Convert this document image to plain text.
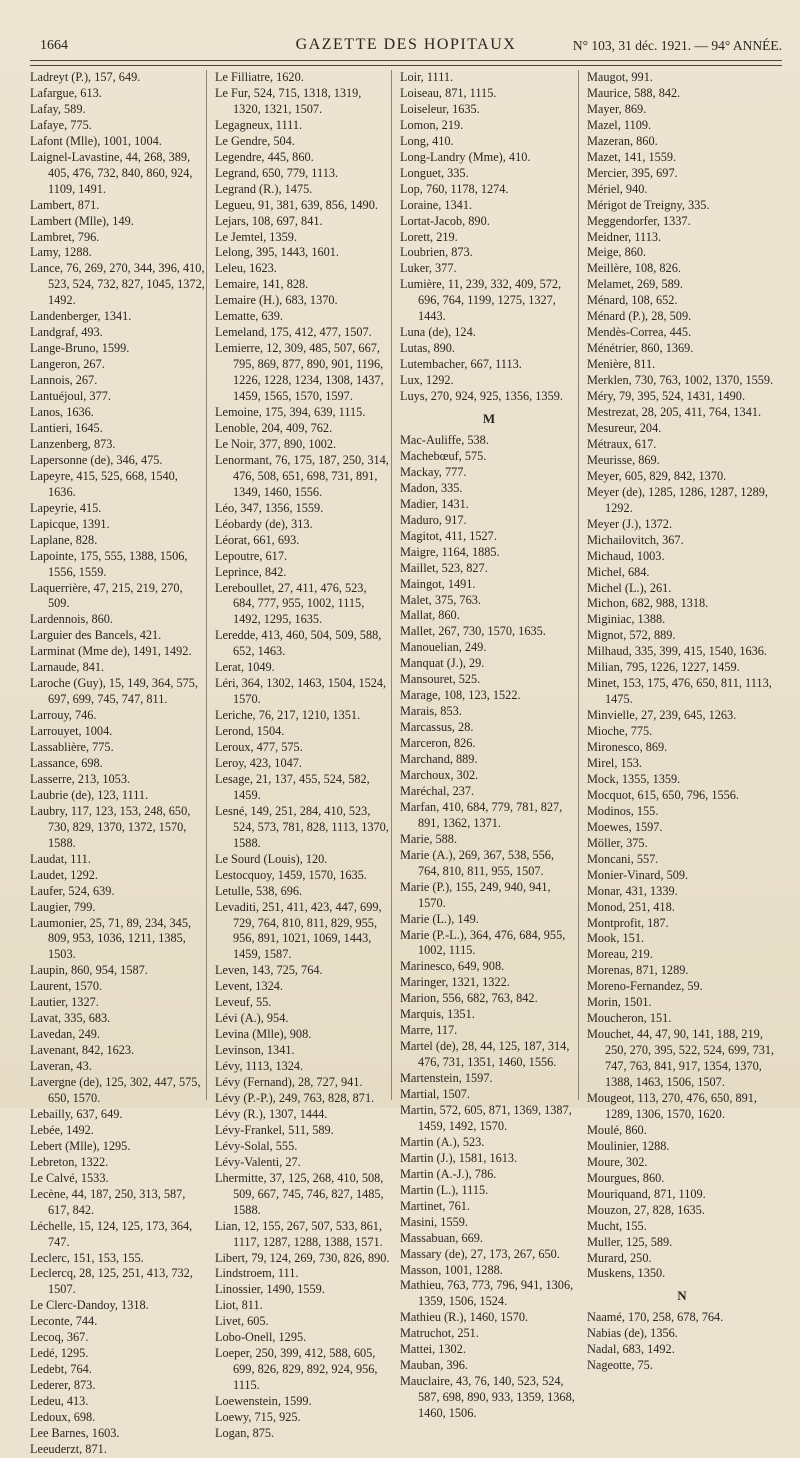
1664	GAZETTE DES HOPITAUX	N° 103, 31 déc. 1921. — 94° ANNÉE.

Ladreyt (P.), 157, 649.

Lafargue, 613.

Lafay, 589.

Lafaye, 775.

Lafont (Mlle), 1001, 1004.

Laignel-Lavastine, 44, 268, 389, 405, 476, 732, 840, 860, 924, 1109, 1491.

Lambert, 871.

Lambert (Mlle), 149.

Lambret, 796.

Lamy, 1288.

Lance, 76, 269, 270, 344, 396, 410, 523, 524, 732, 827, 1045, 1372, 1492.

Landenberger, 1341.

Landgraf, 493.

Lange-Bruno, 1599.

Langeron, 267.

Lannois, 267.

Lantuéjoul, 377.

Lanos, 1636.

Lantieri, 1645.

Lanzenberg, 873.

Lapersonne (de), 346, 475.

Lapeyre, 415, 525, 668, 1540, 1636.

Lapeyrie, 415.

Lapicque, 1391.

Laplane, 828.

Lapointe, 175, 555, 1388, 1506, 1556, 1559.

Laquerrière, 47, 215, 219, 270, 509.

Lardennois, 860.

Larguier des Bancels, 421.

Larminat (Mme de), 1491, 1492.

Larnaude, 841.

Laroche (Guy), 15, 149, 364, 575, 697, 699, 745, 747, 811.

Larrouy, 746.

Larrouyet, 1004.

Lassablière, 775.

Lassance, 698.

Lasserre, 213, 1053.

Laubrie (de), 123, 1111.

Laubry, 117, 123, 153, 248, 650, 730, 829, 1370, 1372, 1570, 1588.

Laudat, 111.

Laudet, 1292.

Laufer, 524, 639.

Laugier, 799.

Laumonier, 25, 71, 89, 234, 345, 809, 953, 1036, 1211, 1385, 1503.

Laupin, 860, 954, 1587.

Laurent, 1570.

Lautier, 1327.

Lavat, 335, 683.

Lavedan, 249.

Lavenant, 842, 1623.

Laveran, 43.

Lavergne (de), 125, 302, 447, 575, 650, 1570.

Lebailly, 637, 649.

Lebée, 1492.

Lebert (Mlle), 1295.

Lebreton, 1322.

Le Calvé, 1533.

Lecène, 44, 187, 250, 313, 587, 617, 842.

Léchelle, 15, 124, 125, 173, 364, 747.

Leclerc, 151, 153, 155.

Leclercq, 28, 125, 251, 413, 732, 1507.

Le Clerc-Dandoy, 1318.

Leconte, 744.

Lecoq, 367.

Ledé, 1295.

Ledebt, 764.

Lederer, 873.

Ledeu, 413.

Ledoux, 698.

Lee Barnes, 1603.

Leeuderzt, 871.

Le Filliatre, 1620.

Le Fur, 524, 715, 1318, 1319, 1320, 1321, 1507.

Legagneux, 1111.

Le Gendre, 504.

Legendre, 445, 860.

Legrand, 650, 779, 1113.

Legrand (R.), 1475.

Legueu, 91, 381, 639, 856, 1490.

Lejars, 108, 697, 841.

Le Jemtel, 1359.

Lelong, 395, 1443, 1601.

Leleu, 1623.

Lemaire, 141, 828.

Lemaire (H.), 683, 1370.

Lematte, 639.

Lemeland, 175, 412, 477, 1507.

Lemierre, 12, 309, 485, 507, 667, 795, 869, 877, 890, 901, 1196, 1226, 1228, 1234, 1308, 1437, 1459, 1565, 1570, 1597.

Lemoine, 175, 394, 639, 1115.

Lenoble, 204, 409, 762.

Le Noir, 377, 890, 1002.

Lenormant, 76, 175, 187, 250, 314, 476, 508, 651, 698, 731, 891, 1349, 1460, 1556.

Léo, 347, 1356, 1559.

Léobardy (de), 313.

Léorat, 661, 693.

Lepoutre, 617.

Leprince, 842.

Lereboullet, 27, 411, 476, 523, 684, 777, 955, 1002, 1115, 1492, 1295, 1635.

Leredde, 413, 460, 504, 509, 588, 652, 1463.

Lerat, 1049.

Léri, 364, 1302, 1463, 1504, 1524, 1570.

Leriche, 76, 217, 1210, 1351.

Lerond, 1504.

Leroux, 477, 575.

Leroy, 423, 1047.

Lesage, 21, 137, 455, 524, 582, 1459.

Lesné, 149, 251, 284, 410, 523, 524, 573, 781, 828, 1113, 1370, 1588.

Le Sourd (Louis), 120.

Lestocquoy, 1459, 1570, 1635.

Letulle, 538, 696.

Levaditi, 251, 411, 423, 447, 699, 729, 764, 810, 811, 829, 955, 956, 891, 1021, 1069, 1443, 1459, 1587.

Leven, 143, 725, 764.

Levent, 1324.

Leveuf, 55.

Lévi (A.), 954.

Levina (Mlle), 908.

Levinson, 1341.

Lévy, 1113, 1324.

Lévy (Fernand), 28, 727, 941.

Lévy (P.-P.), 249, 763, 828, 871.

Lévy (R.), 1307, 1444.

Lévy-Frankel, 511, 589.

Lévy-Solal, 555.

Lévy-Valenti, 27.

Lhermitte, 37, 125, 268, 410, 508, 509, 667, 745, 746, 827, 1485, 1588.

Lian, 12, 155, 267, 507, 533, 861, 1117, 1287, 1288, 1388, 1571.

Libert, 79, 124, 269, 730, 826, 890.

Lindstroem, 111.

Linossier, 1490, 1559.

Liot, 811.

Livet, 605.

Lobo-Onell, 1295.

Loeper, 250, 399, 412, 588, 605, 699, 826, 829, 892, 924, 956, 1115.

Loewenstein, 1599.

Loewy, 715, 925.

Logan, 875.

Loir, 1111.

Loiseau, 871, 1115.

Loiseleur, 1635.

Lomon, 219.

Long, 410.

Long-Landry (Mme), 410.

Longuet, 335.

Lop, 760, 1178, 1274.

Loraine, 1341.

Lortat-Jacob, 890.

Lorett, 219.

Loubrien, 873.

Luker, 377.

Lumière, 11, 239, 332, 409, 572, 696, 764, 1199, 1275, 1327, 1443.

Luna (de), 124.

Lutas, 890.

Lutembacher, 667, 1113.

Lux, 1292.

Luys, 270, 924, 925, 1356, 1359.

M

Mac-Auliffe, 538.

Machebœuf, 575.

Mackay, 777.

Madon, 335.

Madier, 1431.

Maduro, 917.

Magitot, 411, 1527.

Maigre, 1164, 1885.

Maillet, 523, 827.

Maingot, 1491.

Malet, 375, 763.

Mallat, 860.

Mallet, 267, 730, 1570, 1635.

Manouelian, 249.

Manquat (J.), 29.

Mansouret, 525.

Marage, 108, 123, 1522.

Marais, 853.

Marcassus, 28.

Marceron, 826.

Marchand, 889.

Marchoux, 302.

Maréchal, 237.

Marfan, 410, 684, 779, 781, 827, 891, 1362, 1371.

Marie, 588.

Marie (A.), 269, 367, 538, 556, 764, 810, 811, 955, 1507.

Marie (P.), 155, 249, 940, 941, 1570.

Marie (L.), 149.

Marie (P.-L.), 364, 476, 684, 955, 1002, 1115.

Marinesco, 649, 908.

Maringer, 1321, 1322.

Marion, 556, 682, 763, 842.

Marquis, 1351.

Marre, 117.

Martel (de), 28, 44, 125, 187, 314, 476, 731, 1351, 1460, 1556.

Martenstein, 1597.

Martial, 1507.

Martin, 572, 605, 871, 1369, 1387, 1459, 1492, 1570.

Martin (A.), 523.

Martin (J.), 1581, 1613.

Martin (A.-J.), 786.

Martin (L.), 1115.

Martinet, 761.

Masini, 1559.

Massabuan, 669.

Massary (de), 27, 173, 267, 650.

Masson, 1001, 1288.

Mathieu, 763, 773, 796, 941, 1306, 1359, 1506, 1524.

Mathieu (R.), 1460, 1570.

Matruchot, 251.

Mattei, 1302.

Mauban, 396.

Mauclaire, 43, 76, 140, 523, 524, 587, 698, 890, 933, 1359, 1368, 1460, 1506.

Maugot, 991.

Maurice, 588, 842.

Mayer, 869.

Mazel, 1109.

Mazeran, 860.

Mazet, 141, 1559.

Mercier, 395, 697.

Mériel, 940.

Mérigot de Treigny, 335.

Meggendorfer, 1337.

Meidner, 1113.

Meige, 860.

Meillère, 108, 826.

Melamet, 269, 589.

Ménard, 108, 652.

Ménard (P.), 28, 509.

Mendès-Correa, 445.

Ménétrier, 860, 1369.

Menière, 811.

Merklen, 730, 763, 1002, 1370, 1559.

Méry, 79, 395, 524, 1431, 1490.

Mestrezat, 28, 205, 411, 764, 1341.

Mesureur, 204.

Métraux, 617.

Meurisse, 869.

Meyer, 605, 829, 842, 1370.

Meyer (de), 1285, 1286, 1287, 1289, 1292.

Meyer (J.), 1372.

Michailovitch, 367.

Michaud, 1003.

Michel, 684.

Michel (L.), 261.

Michon, 682, 988, 1318.

Miginiac, 1388.

Mignot, 572, 889.

Milhaud, 335, 399, 415, 1540, 1636.

Milian, 795, 1226, 1227, 1459.

Minet, 153, 175, 476, 650, 811, 1113, 1475.

Minvielle, 27, 239, 645, 1263.

Mioche, 775.

Mironesco, 869.

Mirel, 153.

Mock, 1355, 1359.

Mocquot, 615, 650, 796, 1556.

Modinos, 155.

Moewes, 1597.

Möller, 375.

Moncani, 557.

Monier-Vinard, 509.

Monar, 431, 1339.

Monod, 251, 418.

Montprofit, 187.

Mook, 151.

Moreau, 219.

Morenas, 871, 1289.

Moreno-Fernandez, 59.

Morin, 1501.

Moucheron, 151.

Mouchet, 44, 47, 90, 141, 188, 219, 250, 270, 395, 522, 524, 699, 731, 747, 763, 841, 917, 1354, 1370, 1388, 1463, 1506, 1507.

Mougeot, 113, 270, 476, 650, 891, 1289, 1306, 1570, 1620.

Moulé, 860.

Moulinier, 1288.

Moure, 302.

Mourgues, 860.

Mouriquand, 871, 1109.

Mouzon, 27, 828, 1635.

Mucht, 155.

Muller, 125, 589.

Murard, 250.

Muskens, 1350.

N

Naamé, 170, 258, 678, 764.

Nabias (de), 1356.

Nadal, 683, 1492.

Nageotte, 75.
